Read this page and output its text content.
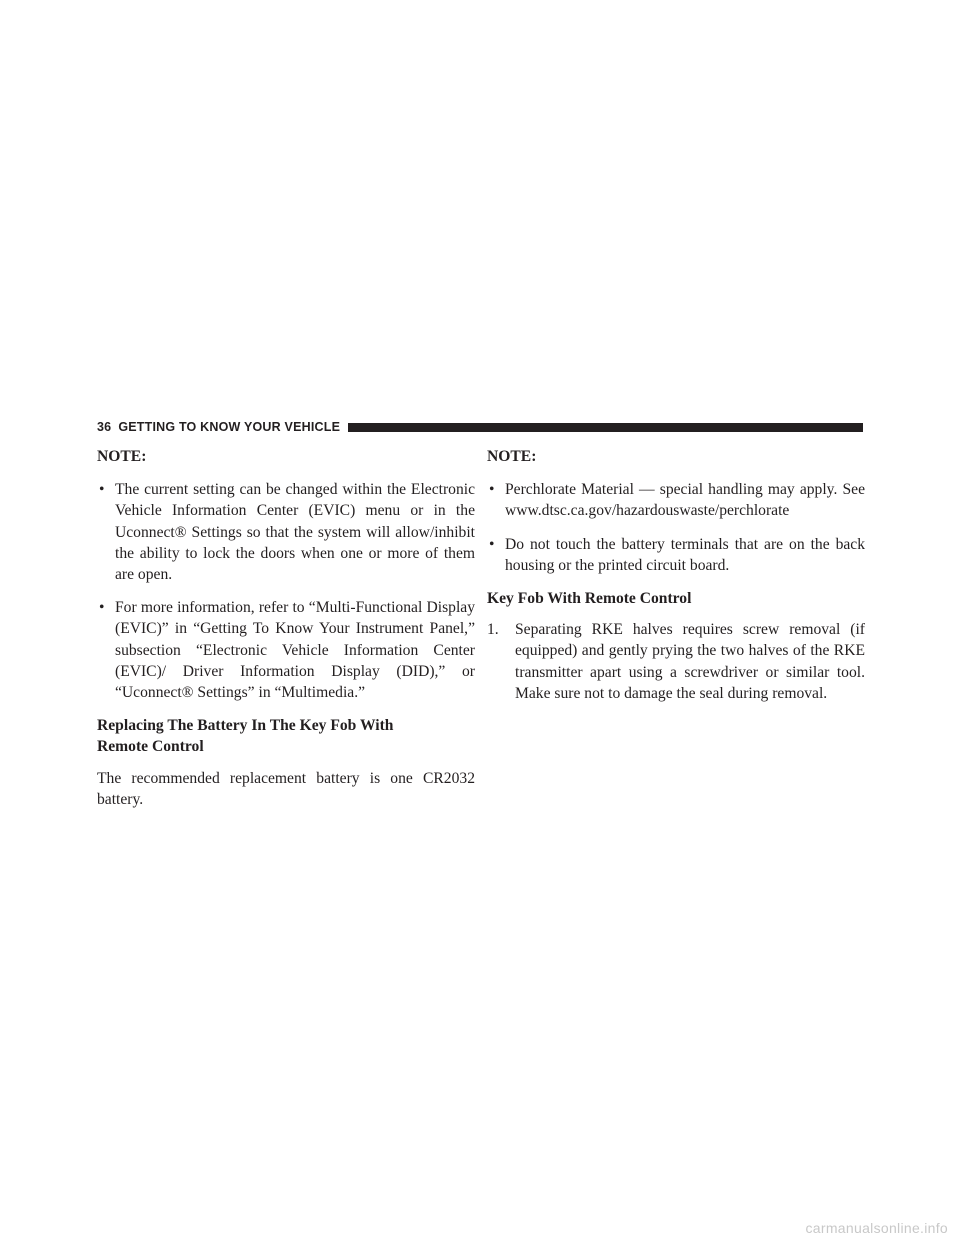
36 GETTING TO KNOW YOUR VEHICLE

NOTE:

• The current setting can be changed within the Electronic Vehicle Information Center (EVIC) menu or in the Uconnect® Settings so that the system will allow/inhibit the ability to lock the doors when one or more of them are open.

• For more information, refer to “Multi-Functional Display (EVIC)” in “Getting To Know Your Instrument Panel,” subsection “Electronic Vehicle Information Center (EVIC)/ Driver Information Display (DID),” or “Uconnect® Settings” in “Multimedia.”

Replacing The Battery In The Key Fob With
Remote Control

The recommended replacement battery is one CR2032 battery.

NOTE:

• Perchlorate Material — special handling may apply. See www.dtsc.ca.gov/hazardouswaste/perchlorate

• Do not touch the battery terminals that are on the back housing or the printed circuit board.

Key Fob With Remote Control

1. Separating RKE halves requires screw removal (if equipped) and gently prying the two halves of the RKE transmitter apart using a screwdriver or similar tool. Make sure not to damage the seal during removal.

carmanualsonline.info
